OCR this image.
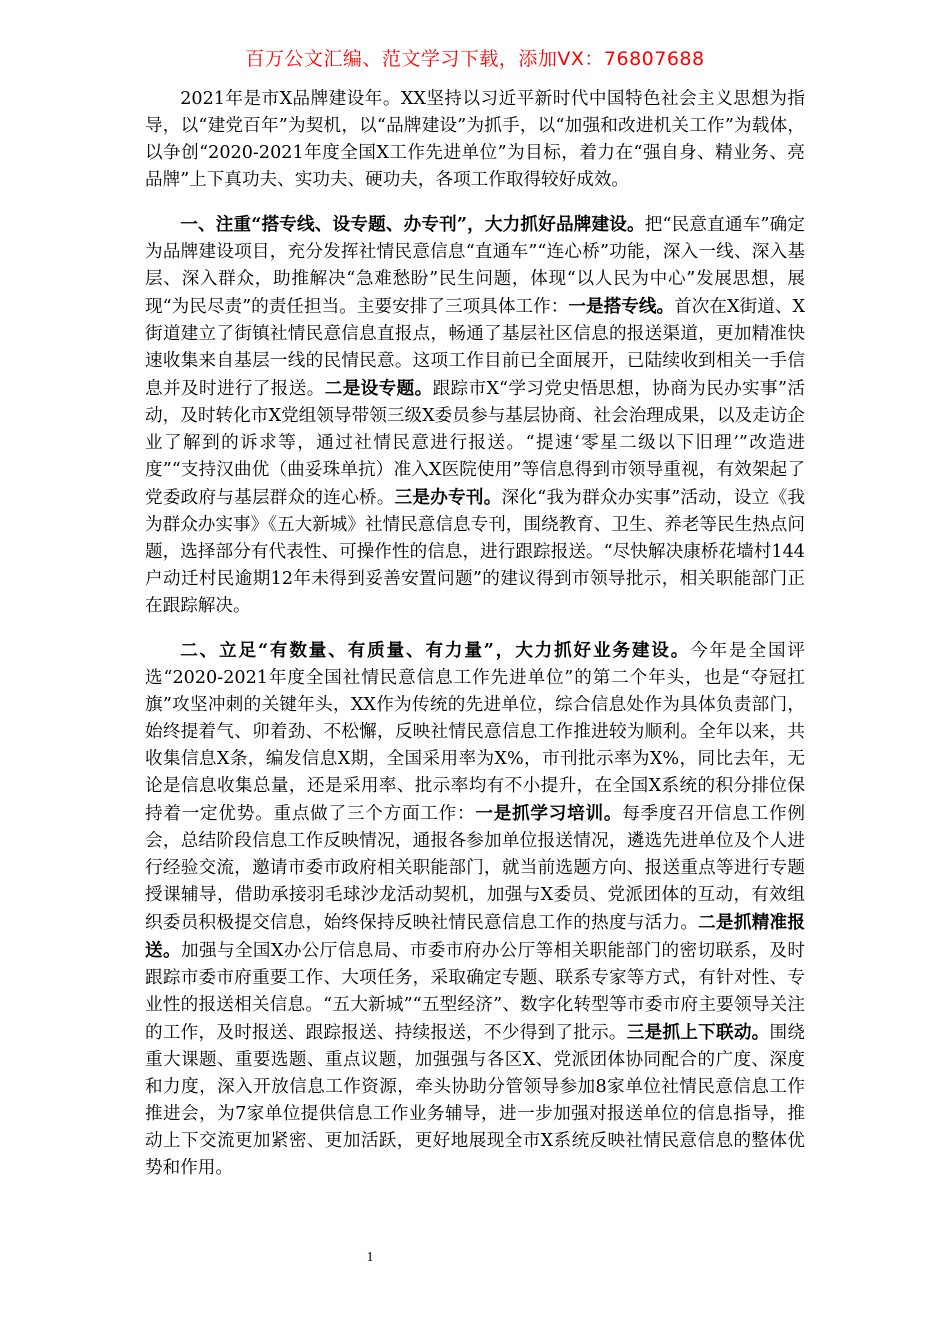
百万公文汇编、范文学习下载，添加VX：76807688

2021年是市X品牌建设年。XX坚持以习近平新时代中国特色社会主义思想为指导，以“建党百年”为契机，以“品牌建设”为抓手，以“加强和改进机关工作”为载体，以争创“2020-2021年度全国X工作先进单位”为目标，着力在“强自身、精业务、亮品牌”上下真功夫、实功夫、硬功夫，各项工作取得较好成效。

一、注重“搭专线、设专题、办专刊”，大力抓好品牌建设。把“民意直通车”确定为品牌建设项目，充分发挥社情民意信息“直通车”“连心桥”功能，深入一线、深入基层、深入群众，助推解决“急难愁盼”民生问题，体现“以人民为中心”发展思想，展现“为民尽责”的责任担当。主要安排了三项具体工作：一是搭专线。首次在X街道、X街道建立了街镇社情民意信息直报点，畅通了基层社区信息的报送渠道，更加精准快速收集来自基层一线的民情民意。这项工作目前已全面展开，已陆续收到相关一手信息并及时进行了报送。二是设专题。跟踪市X“学习党史悟思想，协商为民办实事”活动，及时转化市X党组领导带领三级X委员参与基层协商、社会治理成果，以及走访企业了解到的诉求等，通过社情民意进行报送。“提速‘零星二级以下旧理’”改造进度”“支持汉曲优（曲妥珠单抗）准入X医院使用”等信息得到市领导重视，有效架起了党委政府与基层群众的连心桥。三是办专刊。深化“我为群众办实事”活动，设立《我为群众办实事》《五大新城》社情民意信息专刊，围绕教育、卫生、养老等民生热点问题，选择部分有代表性、可操作性的信息，进行跟踪报送。“尽快解决康桥花墙村144户动迁村民逾期12年未得到妥善安置问题”的建议得到市领导批示，相关职能部门正在跟踪解决。

二、立足“有数量、有质量、有力量”，大力抓好业务建设。今年是全国评选“2020-2021年度全国社情民意信息工作先进单位”的第二个年头，也是“夺冠扛旗”攻坚冲刺的关键年头，XX作为传统的先进单位，综合信息处作为具体负责部门，始终提着气、卯着劲、不松懈，反映社情民意信息工作推进较为顺利。全年以来，共收集信息X条，编发信息X期，全国采用率为X%，市刊批示率为X%，同比去年，无论是信息收集总量，还是采用率、批示率均有不小提升，在全国X系统的积分排位保持着一定优势。重点做了三个方面工作：一是抓学习培训。每季度召开信息工作例会，总结阶段信息工作反映情况，通报各参加单位报送情况，遴选先进单位及个人进行经验交流，邀请市委市政府相关职能部门，就当前选题方向、报送重点等进行专题授课辅导，借助承接羽毛球沙龙活动契机，加强与X委员、党派团体的互动，有效组织委员积极提交信息，始终保持反映社情民意信息工作的热度与活力。二是抓精准报送。加强与全国X办公厅信息局、市委市府办公厅等相关职能部门的密切联系，及时跟踪市委市府重要工作、大项任务，采取确定专题、联系专家等方式，有针对性、专业性的报送相关信息。“五大新城”“五型经济”、数字化转型等市委市府主要领导关注的工作，及时报送、跟踪报送、持续报送，不少得到了批示。三是抓上下联动。围绕重大课题、重要选题、重点议题，加强强与各区X、党派团体协同配合的广度、深度和力度，深入开放信息工作资源，牵头协助分管领导参加8家单位社情民意信息工作推进会，为7家单位提供信息工作业务辅导，进一步加强对报送单位的信息指导，推动上下交流更加紧密、更加活跃，更好地展现全市X系统反映社情民意信息的整体优势和作用。

1
